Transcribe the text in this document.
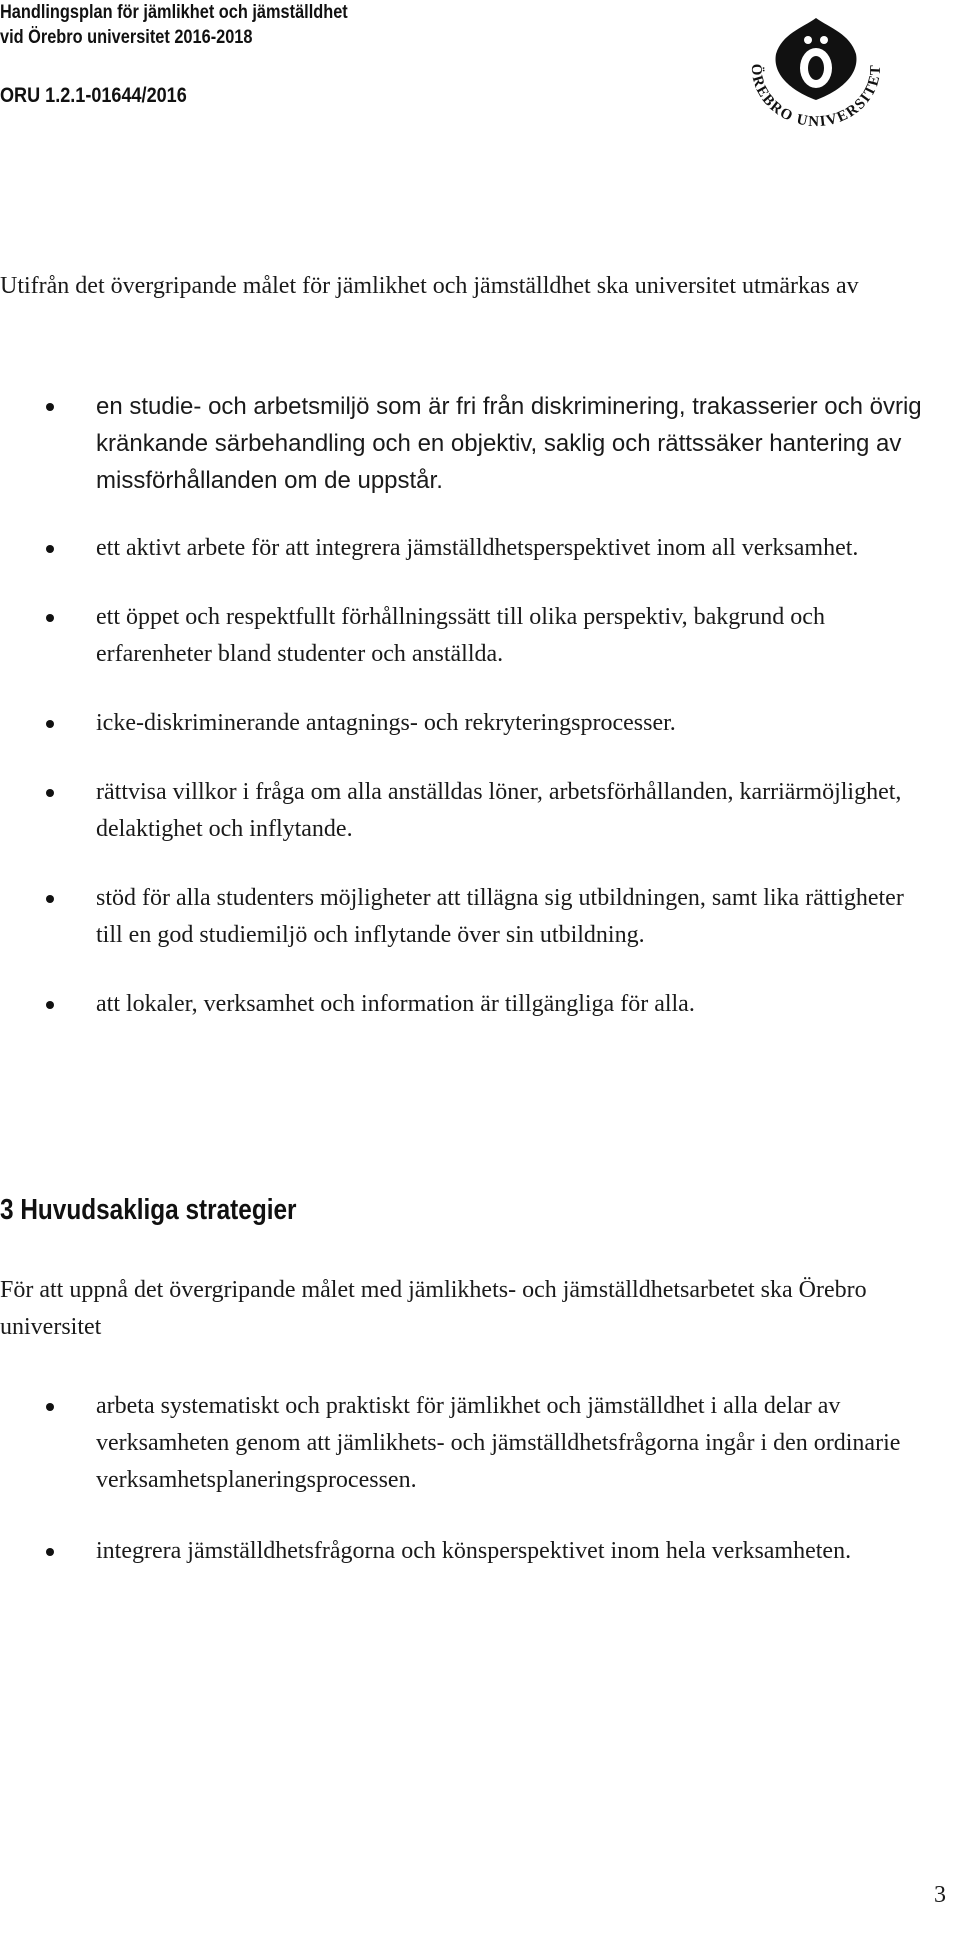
Handlingsplan för jämlikhet och jämställdhet
vid Örebro universitet 2016-2018
ORU 1.2.1-01644/2016
ÖREBRO UNIVERSITET
Utifrån det övergripande målet för jämlikhet och jämställdhet ska universitet utmärkas av
en studie- och arbetsmiljö som är fri från diskriminering, trakasserier och övrig kränkande särbehandling och en objektiv, saklig och rättssäker hantering av missförhållanden om de uppstår.
ett aktivt arbete för att integrera jämställdhetsperspektivet inom all verksamhet.
ett öppet och respektfullt förhållningssätt till olika perspektiv, bakgrund och erfarenheter bland studenter och anställda.
icke-diskriminerande antagnings- och rekryteringsprocesser.
rättvisa villkor i fråga om alla anställdas löner, arbetsförhållanden, karriärmöjlighet, delaktighet och inflytande.
stöd för alla studenters möjligheter att tillägna sig utbildningen, samt lika rättigheter till en god studiemiljö och inflytande över sin utbildning.
att lokaler, verksamhet och information är tillgängliga för alla.
3 Huvudsakliga strategier
För att uppnå det övergripande målet med jämlikhets- och jämställdhetsarbetet ska Örebro universitet
arbeta systematiskt och praktiskt för jämlikhet och jämställdhet i alla delar av verksamheten genom att jämlikhets- och jämställdhetsfrågorna ingår i den ordinarie verksamhetsplaneringsprocessen.
integrera jämställdhetsfrågorna och könsperspektivet inom hela verksamheten.
3
